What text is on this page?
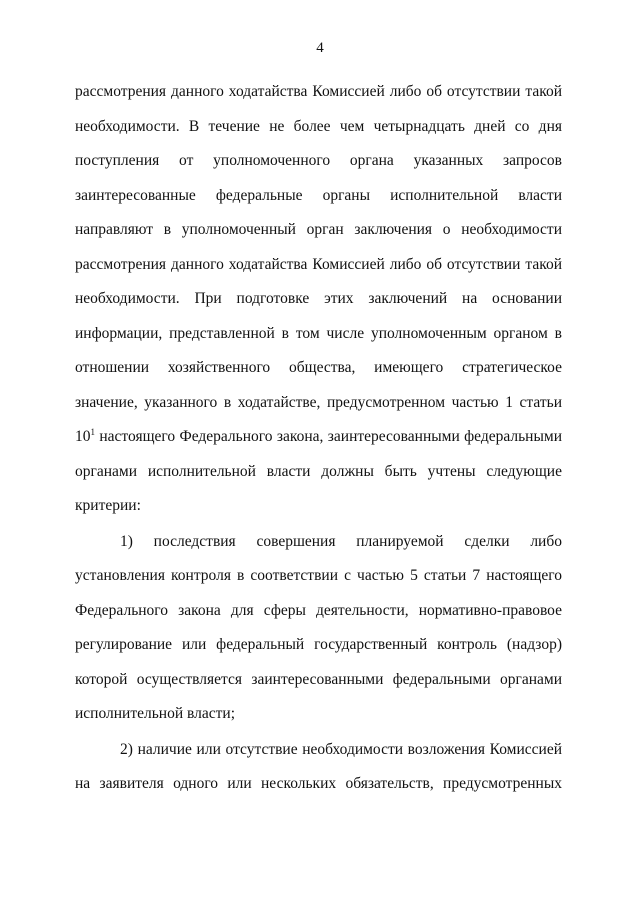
4

рассмотрения данного ходатайства Комиссией либо об отсутствии такой необходимости. В течение не более чем четырнадцать дней со дня поступления от уполномоченного органа указанных запросов заинтересованные федеральные органы исполнительной власти направляют в уполномоченный орган заключения о необходимости рассмотрения данного ходатайства Комиссией либо об отсутствии такой необходимости. При подготовке этих заключений на основании информации, представленной в том числе уполномоченным органом в отношении хозяйственного общества, имеющего стратегическое значение, указанного в ходатайстве, предусмотренном частью 1 статьи $10^1$ настоящего Федерального закона, заинтересованными федеральными органами исполнительной власти должны быть учтены следующие критерии:

1) последствия совершения планируемой сделки либо установления контроля в соответствии с частью 5 статьи 7 настоящего Федерального закона для сферы деятельности, нормативно-правовое регулирование или федеральный государственный контроль (надзор) которой осуществляется заинтересованными федеральными органами исполнительной власти;

2) наличие или отсутствие необходимости возложения Комиссией на заявителя одного или нескольких обязательств, предусмотренных
